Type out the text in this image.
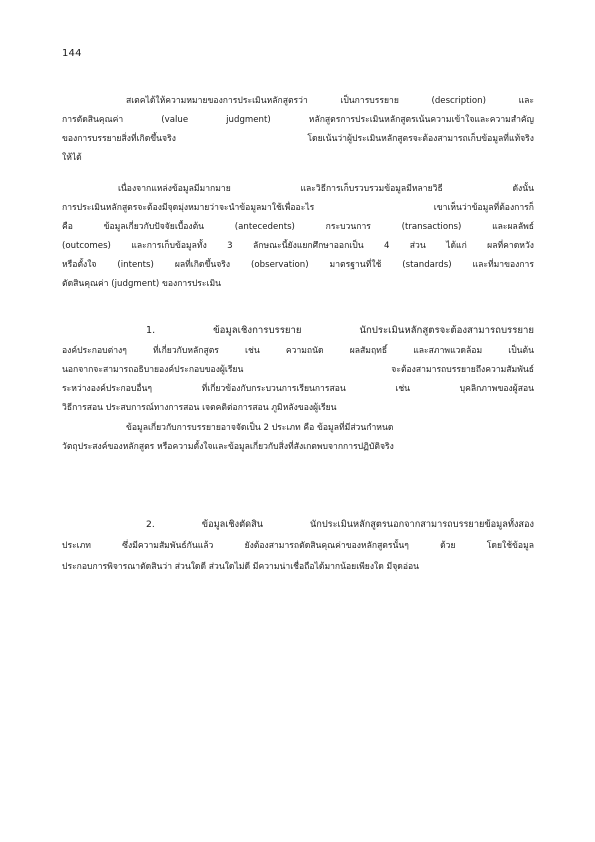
144
สเตคได้ให้ความหมายของการประเมินหลักสูตรว่า เป็นการบรรยาย (description) และ
การตัดสินคุณค่า (value judgment) หลักสูตรการประเมินหลักสูตรเน้นความเข้าใจและความสำคัญ
ของการบรรยายสิ่งที่เกิดขึ้นจริง โดยเน้นว่าผู้ประเมินหลักสูตรจะต้องสามารถเก็บข้อมูลที่แท้จริง
ให้ได้
เนื่องจากแหล่งข้อมูลมีมากมาย และวิธีการเก็บรวบรวมข้อมูลมีหลายวิธี ดังนั้น
การประเมินหลักสูตรจะต้องมีจุดมุ่งหมายว่าจะนำข้อมูลมาใช้เพื่ออะไร เขาเห็นว่าข้อมูลที่ต้องการก็
คือ ข้อมูลเกี่ยวกับปัจจัยเบื้องต้น (antecedents) กระบวนการ (transactions) และผลลัพธ์
(outcomes) และการเก็บข้อมูลทั้ง 3 ลักษณะนี้ยังแยกศึกษาออกเป็น 4 ส่วน ได้แก่ ผลที่คาดหวัง
หรือตั้งใจ (intents) ผลที่เกิดขึ้นจริง (observation) มาตรฐานที่ใช้ (standards) และที่มาของการ
ตัดสินคุณค่า (judgment) ของการประเมิน
1. ข้อมูลเชิงการบรรยาย นักประเมินหลักสูตรจะต้องสามารถบรรยาย
องค์ประกอบต่างๆ ที่เกี่ยวกับหลักสูตร เช่น ความถนัด ผลสัมฤทธิ์ และสภาพแวดล้อม เป็นต้น
นอกจากจะสามารถอธิบายองค์ประกอบของผู้เรียน จะต้องสามารถบรรยายถึงความสัมพันธ์
ระหว่างองค์ประกอบอื่นๆ ที่เกี่ยวข้องกับกระบวนการเรียนการสอน เช่น บุคลิกภาพของผู้สอน
วิธีการสอน ประสบการณ์ทางการสอน เจตคติต่อการสอน ภูมิหลังของผู้เรียน
ข้อมูลเกี่ยวกับการบรรยายอาจจัดเป็น 2 ประเภท คือ ข้อมูลที่มีส่วนกำหนด
วัตถุประสงค์ของหลักสูตร หรือความตั้งใจและข้อมูลเกี่ยวกับสิ่งที่สังเกตพบจากการปฏิบัติจริง
2. ข้อมูลเชิงตัดสิน นักประเมินหลักสูตรนอกจากสามารถบรรยายข้อมูลทั้งสอง
ประเภท ซึ่งมีความสัมพันธ์กันแล้ว ยังต้องสามารถตัดสินคุณค่าของหลักสูตรนั้นๆ ด้วย โดยใช้ข้อมูล
ประกอบการพิจารณาตัดสินว่า ส่วนใดดี ส่วนใดไม่ดี มีความน่าเชื่อถือได้มากน้อยเพียงใด มีจุดอ่อน
